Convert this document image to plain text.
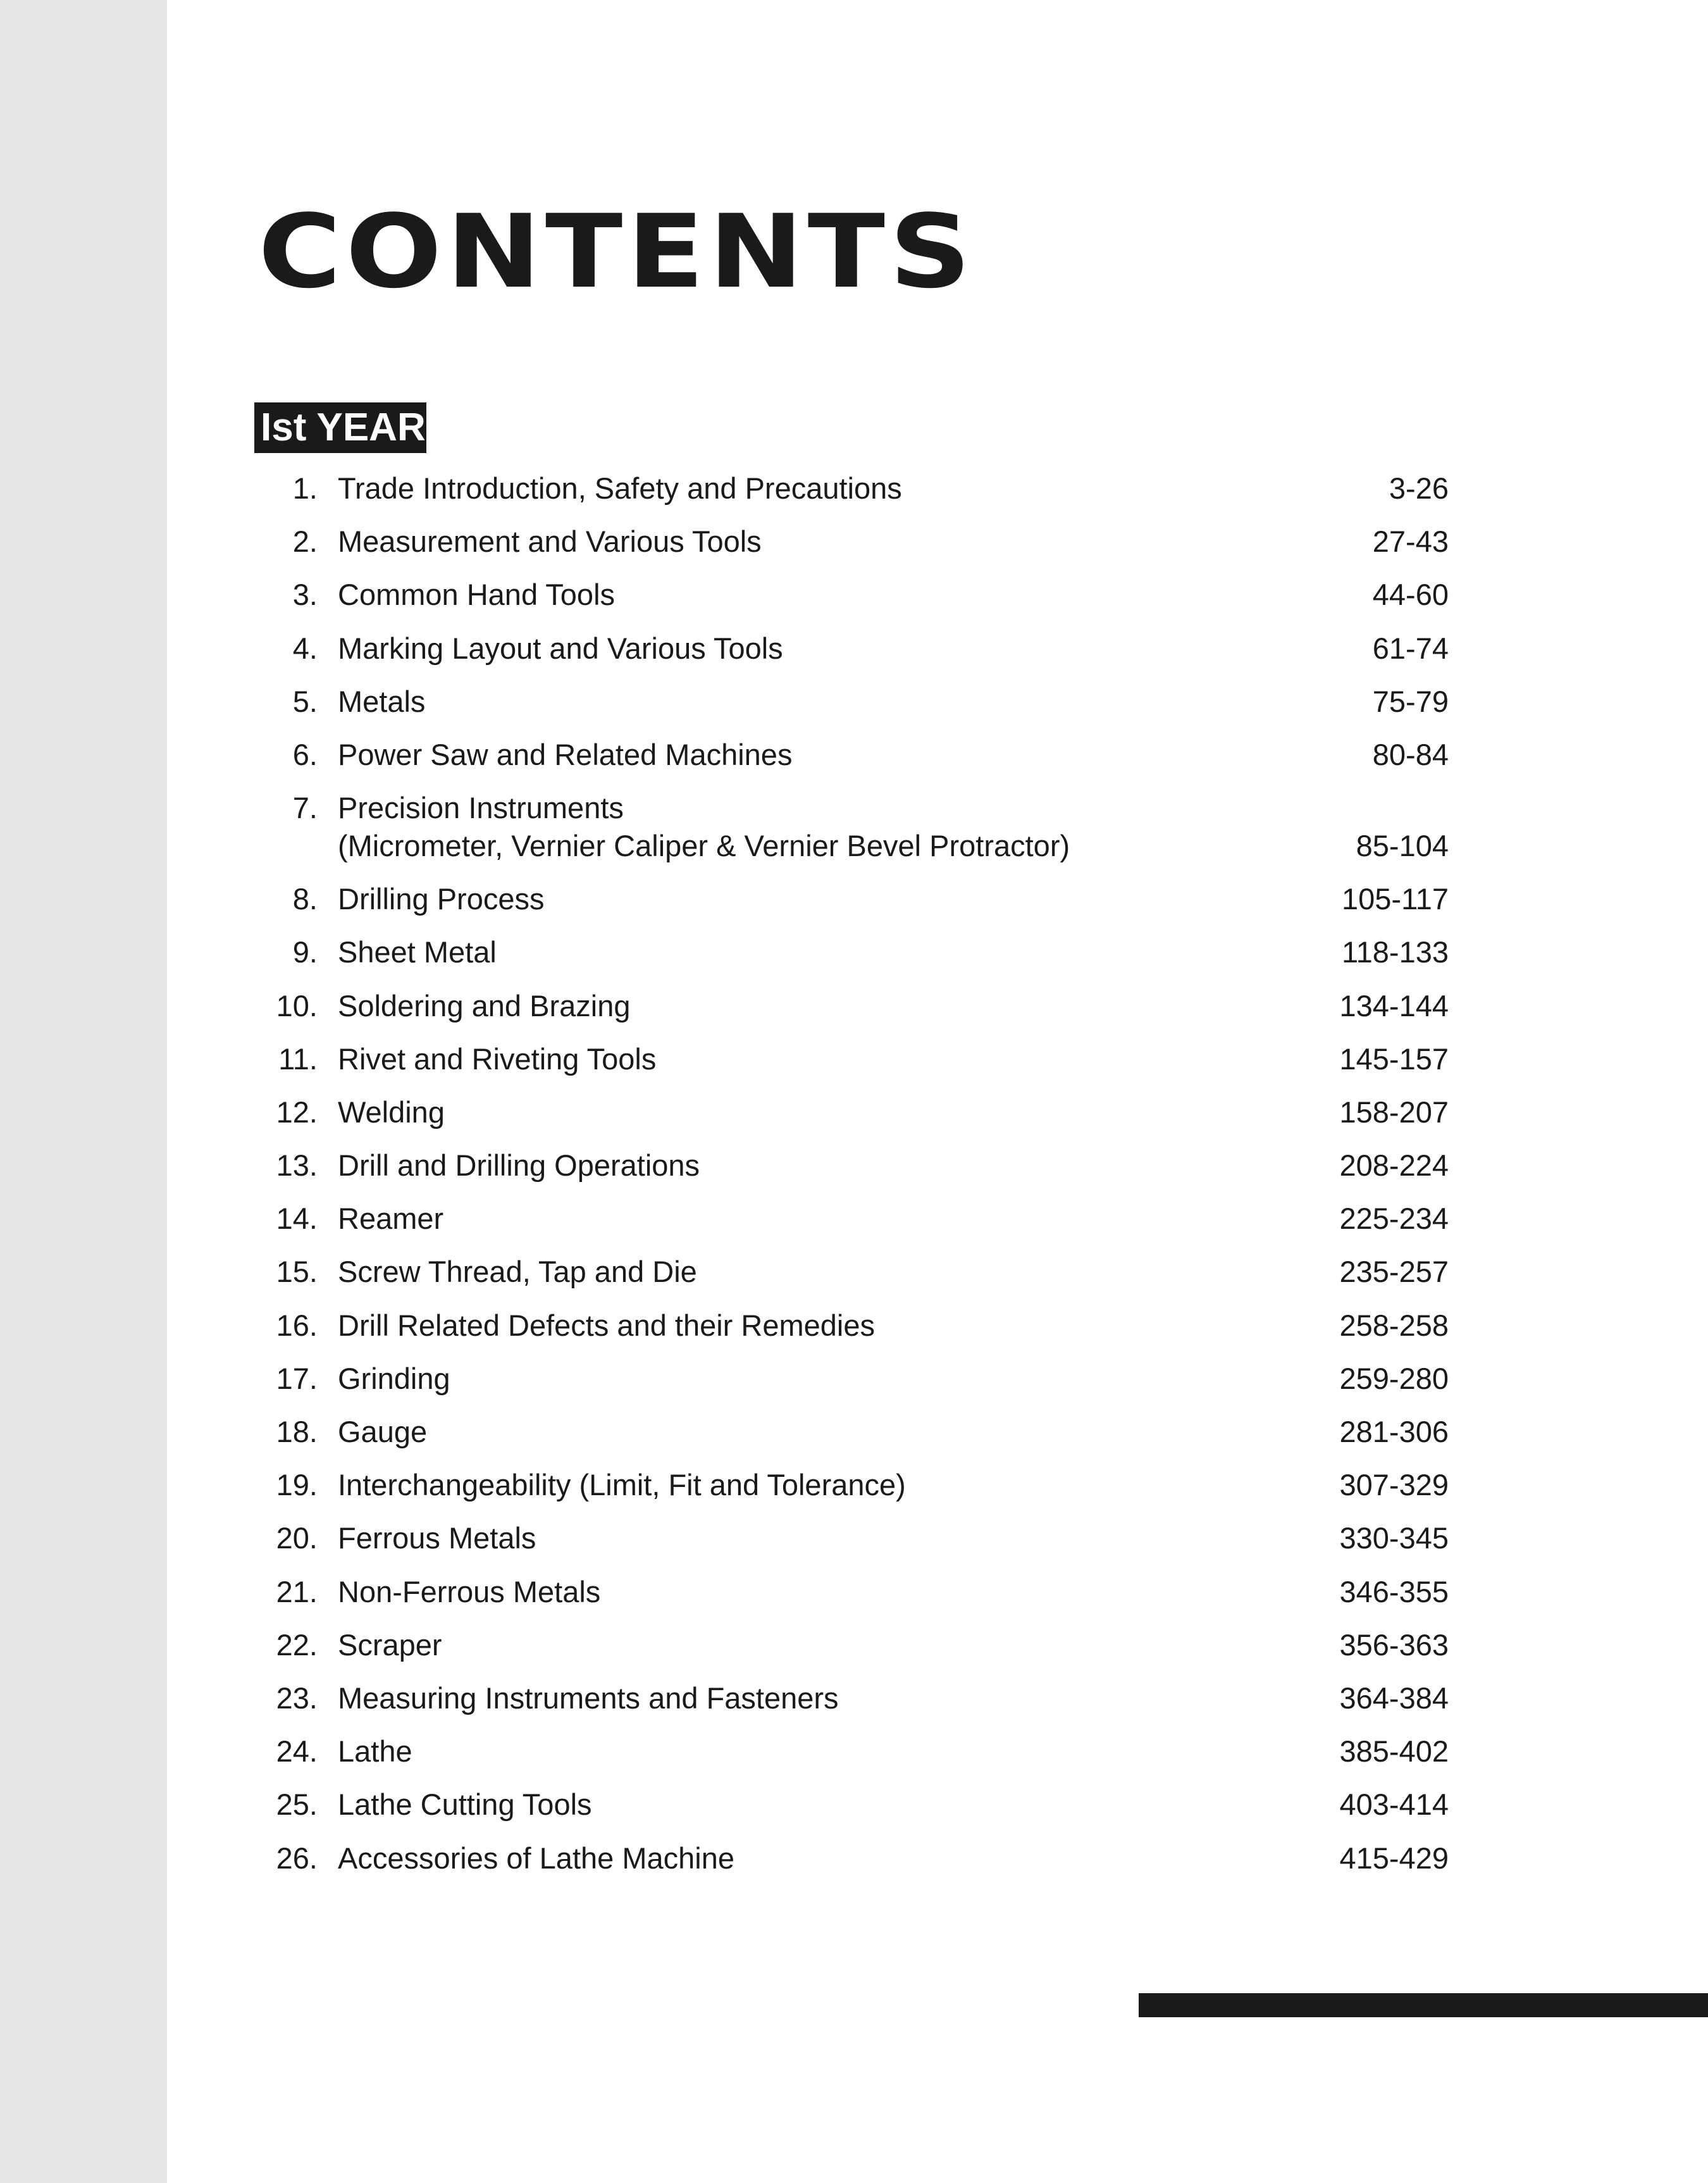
CONTENTS
Ist YEAR
1. Trade Introduction, Safety and Precautions	3-26
2. Measurement and Various Tools	27-43
3. Common Hand Tools	44-60
4. Marking Layout and Various Tools	61-74
5. Metals	75-79
6. Power Saw and Related Machines	80-84
7. Precision Instruments
(Micrometer, Vernier Caliper & Vernier Bevel Protractor)	85-104
8. Drilling Process	105-117
9. Sheet Metal	118-133
10. Soldering and Brazing	134-144
11. Rivet and Riveting Tools	145-157
12. Welding	158-207
13. Drill and Drilling Operations	208-224
14. Reamer	225-234
15. Screw Thread, Tap and Die	235-257
16. Drill Related Defects and their Remedies	258-258
17. Grinding	259-280
18. Gauge	281-306
19. Interchangeability (Limit, Fit and Tolerance)	307-329
20. Ferrous Metals	330-345
21. Non-Ferrous Metals	346-355
22. Scraper	356-363
23. Measuring Instruments and Fasteners	364-384
24. Lathe	385-402
25. Lathe Cutting Tools	403-414
26. Accessories of Lathe Machine	415-429
